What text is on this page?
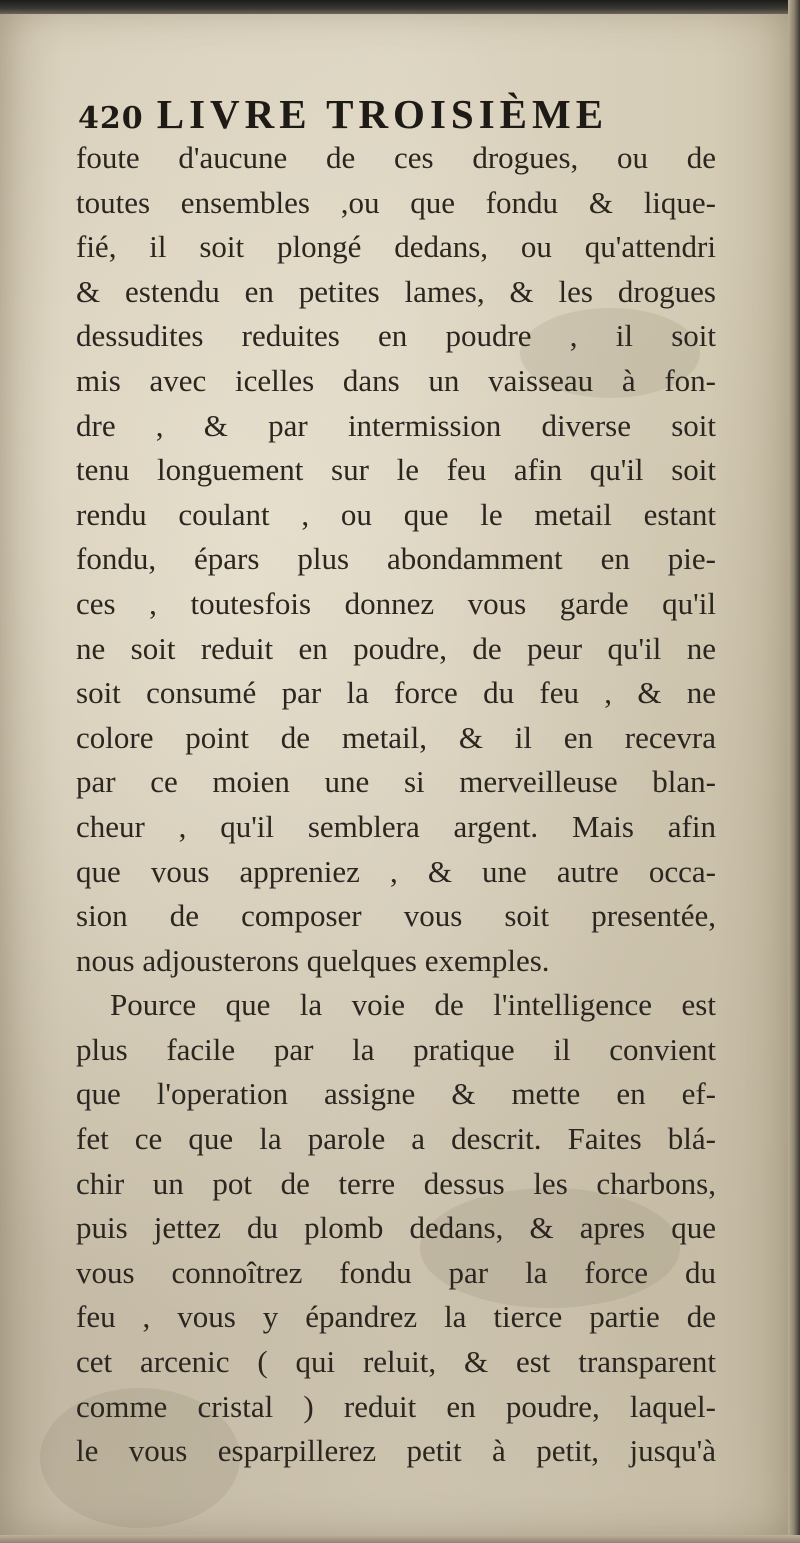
420 LIVRE TROISIÈME
foute d'aucune de ces drogues, ou de
toutes ensembles ,ou que fondu & lique-
fié, il soit plongé dedans, ou qu'attendri
& estendu en petites lames, & les drogues
dessudites reduites en poudre , il soit
mis avec icelles dans un vaisseau à fon-
dre , & par intermission diverse soit
tenu longuement sur le feu afin qu'il soit
rendu coulant , ou que le metail estant
fondu, épars plus abondamment en pie-
ces , toutesfois donnez vous garde qu'il
ne soit reduit en poudre, de peur qu'il ne
soit consumé par la force du feu , & ne
colore point de metail, & il en recevra
par ce moien une si merveilleuse blan-
cheur , qu'il semblera argent. Mais afin
que vous appreniez , & une autre occa-
sion de composer vous soit presentée,
nous adjousterons quelques exemples.
Pource que la voie de l'intelligence est
plus facile par la pratique il convient
que l'operation assigne & mette en ef-
fet ce que la parole a descrit. Faites blá-
chir un pot de terre dessus les charbons,
puis jettez du plomb dedans, & apres que
vous connoîtrez fondu par la force du
feu , vous y épandrez la tierce partie de
cet arcenic ( qui reluit, & est transparent
comme cristal ) reduit en poudre, laquel-
le vous esparpillerez petit à petit, jusqu'à
